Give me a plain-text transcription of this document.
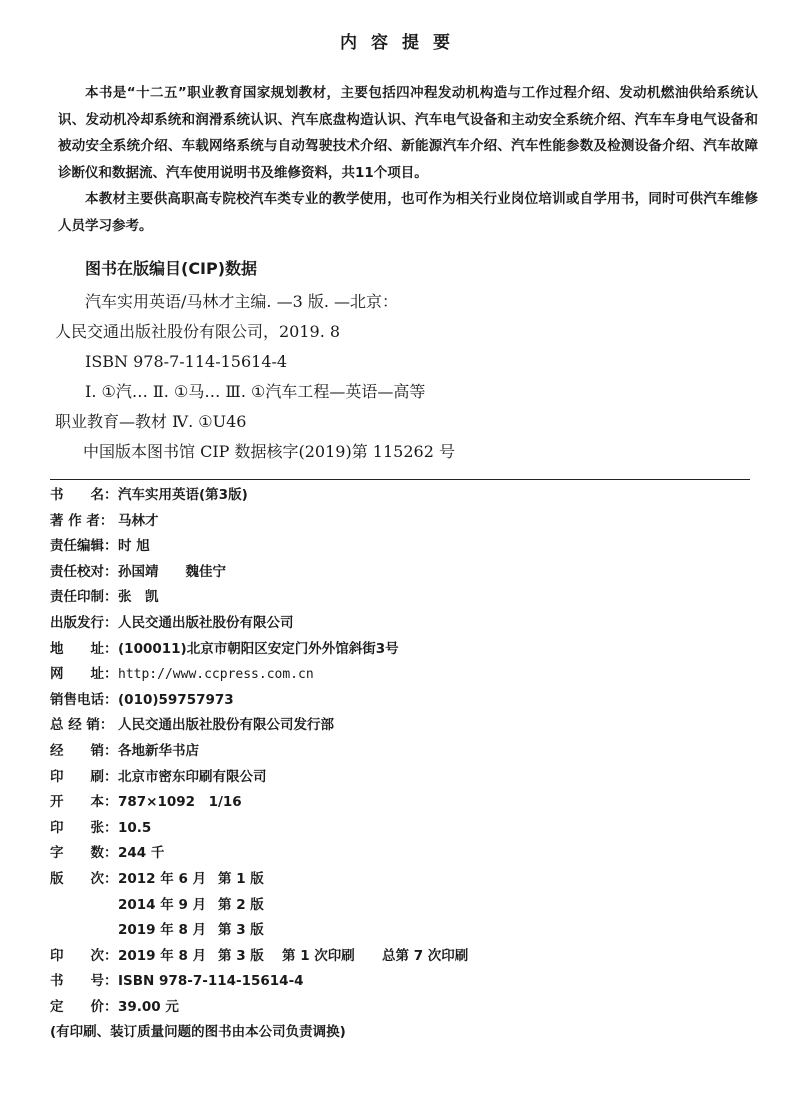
内容提要

本书是“十二五”职业教育国家规划教材，主要包括四冲程发动机构造与工作过程介绍、发动机燃油供给系统认识、发动机冷却系统和润滑系统认识、汽车底盘构造认识、汽车电气设备和主动安全系统介绍、汽车车身电气设备和被动安全系统介绍、车载网络系统与自动驾驶技术介绍、新能源汽车介绍、汽车性能参数及检测设备介绍、汽车故障诊断仪和数据流、汽车使用说明书及维修资料，共11个项目。

本教材主要供高职高专院校汽车类专业的教学使用，也可作为相关行业岗位培训或自学用书，同时可供汽车维修人员学习参考。

图书在版编目(CIP)数据
汽车实用英语/马林才主编. —3 版. —北京：
人民交通出版社股份有限公司，2019. 8
ISBN 978-7-114-15614-4
Ⅰ. ①汽… Ⅱ. ①马… Ⅲ. ①汽车工程—英语—高等
职业教育—教材 Ⅳ. ①U46
中国版本图书馆 CIP 数据核字(2019)第 115262 号
书　　名： 汽车实用英语(第3版)
著 作 者： 马林才
责任编辑： 时 旭
责任校对： 孙国靖　　魏佳宁
责任印制： 张　凯
出版发行： 人民交通出版社股份有限公司
地　　址： (100011)北京市朝阳区安定门外外馆斜街3号
网　　址： http://www.ccpress.com.cn
销售电话： (010)59757973
总 经 销： 人民交通出版社股份有限公司发行部
经　　销： 各地新华书店
印　　刷： 北京市密东印刷有限公司
开　　本： 787×1092　1/16
印　　张： 10.5
字　　数： 244 千
版　　次： 2012 年 6 月 第 1 版
2014 年 9 月 第 2 版
2019 年 8 月 第 3 版
印　　次： 2019 年 8 月 第 3 版 第 1 次印刷 总第 7 次印刷
书　　号： ISBN 978-7-114-15614-4
定　　价： 39.00 元
(有印刷、装订质量问题的图书由本公司负责调换)
